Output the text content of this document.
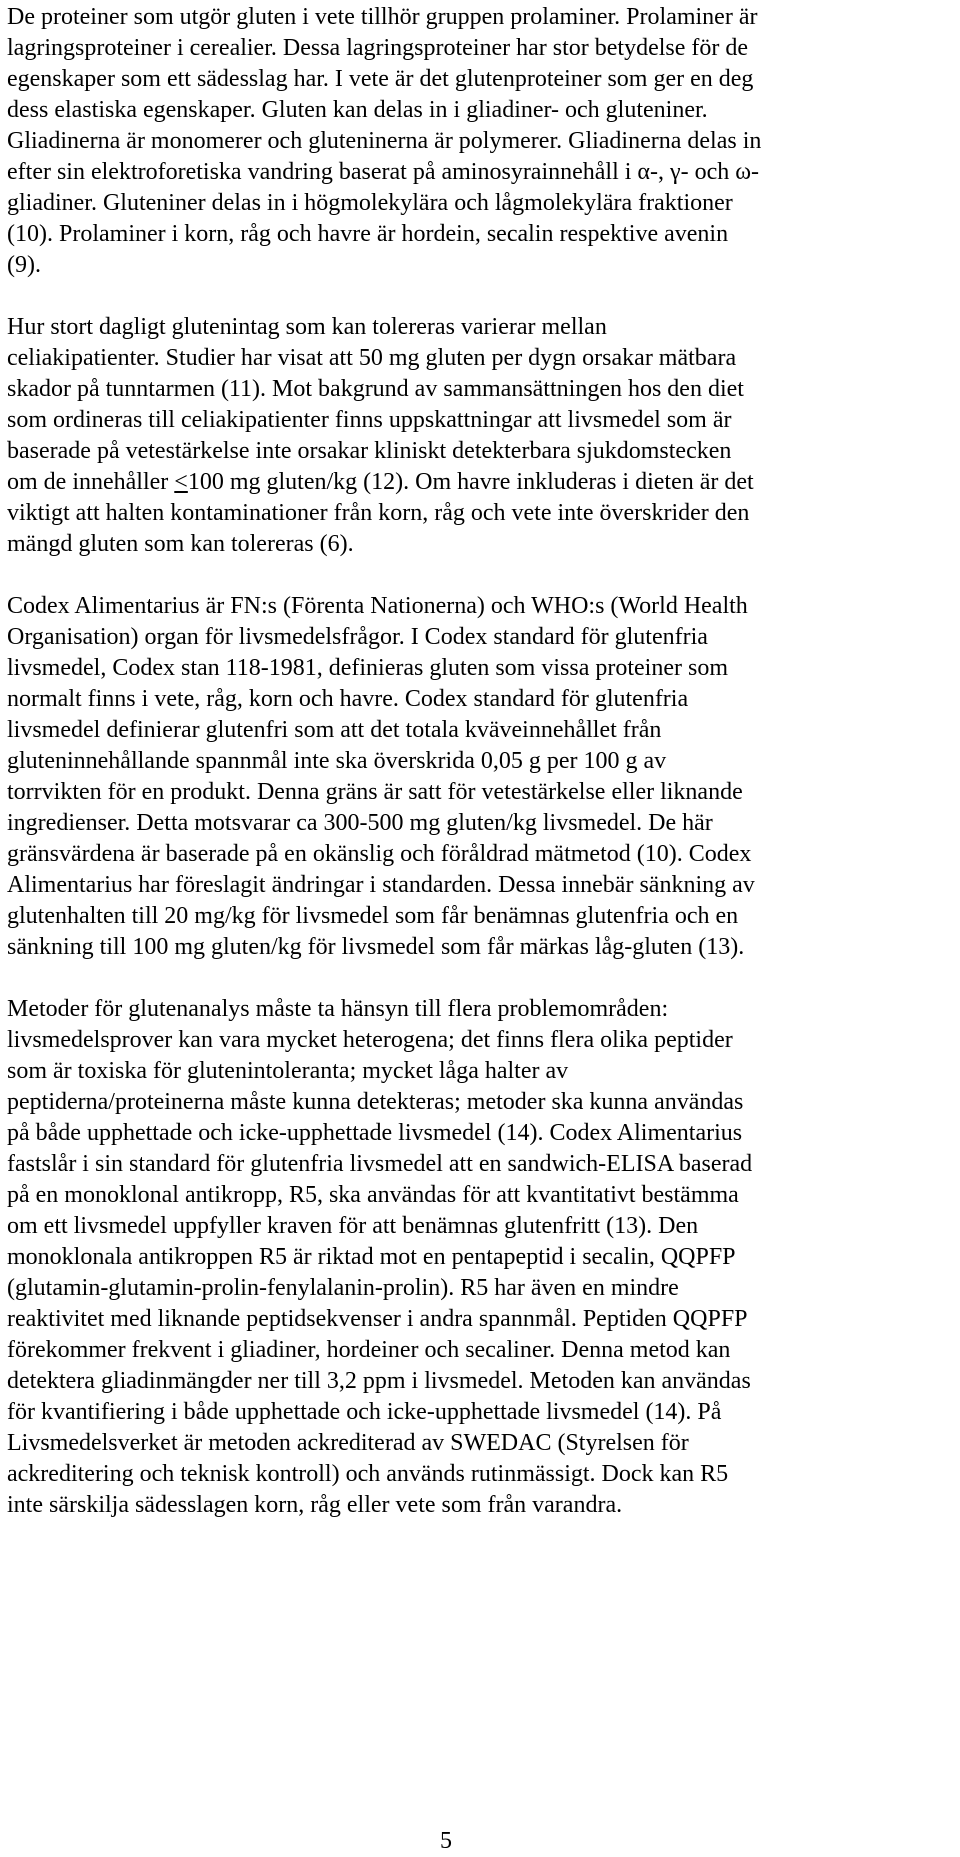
De proteiner som utgör gluten i vete tillhör gruppen prolaminer. Prolaminer är

lagringsproteiner i cerealier. Dessa lagringsproteiner har stor betydelse för de

egenskaper som ett sädesslag har. I vete är det glutenproteiner som ger en deg

dess elastiska egenskaper. Gluten kan delas in i gliadiner- och gluteniner.

Gliadinerna är monomerer och gluteninerna är polymerer. Gliadinerna delas in

efter sin elektroforetiska vandring baserat på aminosyrainnehåll i α-, γ- och ω-

gliadiner. Gluteniner delas in i högmolekylära och lågmolekylära fraktioner

(10). Prolaminer i korn, råg och havre är hordein, secalin respektive avenin

(9).

Hur stort dagligt glutenintag som kan tolereras varierar mellan

celiakipatienter. Studier har visat att 50 mg gluten per dygn orsakar mätbara

skador på tunntarmen (11). Mot bakgrund av sammansättningen hos den diet

som ordineras till celiakipatienter finns uppskattningar att livsmedel som är

baserade på vetestärkelse inte orsakar kliniskt detekterbara sjukdomstecken

om de innehåller ≤100 mg gluten/kg (12). Om havre inkluderas i dieten är det

viktigt att halten kontaminationer från korn, råg och vete inte överskrider den

mängd gluten som kan tolereras (6).

Codex Alimentarius är FN:s (Förenta Nationerna) och WHO:s (World Health

Organisation) organ för livsmedelsfrågor. I Codex standard för glutenfria

livsmedel, Codex stan 118-1981, definieras gluten som vissa proteiner som

normalt finns i vete, råg, korn och havre. Codex standard för glutenfria

livsmedel definierar glutenfri som att det totala kväveinnehållet från

gluteninnehållande spannmål inte ska överskrida 0,05 g per 100 g av

torrvikten för en produkt. Denna gräns är satt för vetestärkelse eller liknande

ingredienser. Detta motsvarar ca 300-500 mg gluten/kg livsmedel. De här

gränsvärdena är baserade på en okänslig och föråldrad mätmetod (10). Codex

Alimentarius har föreslagit ändringar i standarden. Dessa innebär sänkning av

glutenhalten till 20 mg/kg för livsmedel som får benämnas glutenfria och en

sänkning till 100 mg gluten/kg för livsmedel som får märkas låg-gluten (13).

Metoder för glutenanalys måste ta hänsyn till flera problemområden:

livsmedelsprover kan vara mycket heterogena; det finns flera olika peptider

som är toxiska för glutenintoleranta; mycket låga halter av

peptiderna/proteinerna måste kunna detekteras; metoder ska kunna användas

på både upphettade och icke-upphettade livsmedel (14). Codex Alimentarius

fastslår i sin standard för glutenfria livsmedel att en sandwich-ELISA baserad

på en monoklonal antikropp, R5, ska användas för att kvantitativt bestämma

om ett livsmedel uppfyller kraven för att benämnas glutenfritt (13). Den

monoklonala antikroppen R5 är riktad mot en pentapeptid i secalin, QQPFP

(glutamin-glutamin-prolin-fenylalanin-prolin). R5 har även en mindre

reaktivitet med liknande peptidsekvenser i andra spannmål. Peptiden QQPFP

förekommer frekvent i gliadiner, hordeiner och secaliner. Denna metod kan

detektera gliadinmängder ner till 3,2 ppm i livsmedel. Metoden kan användas

för kvantifiering i både upphettade och icke-upphettade livsmedel (14). På

Livsmedelsverket är metoden ackrediterad av SWEDAC (Styrelsen för

ackreditering och teknisk kontroll) och används rutinmässigt. Dock kan R5

inte särskilja sädesslagen korn, råg eller vete som från varandra.

5
